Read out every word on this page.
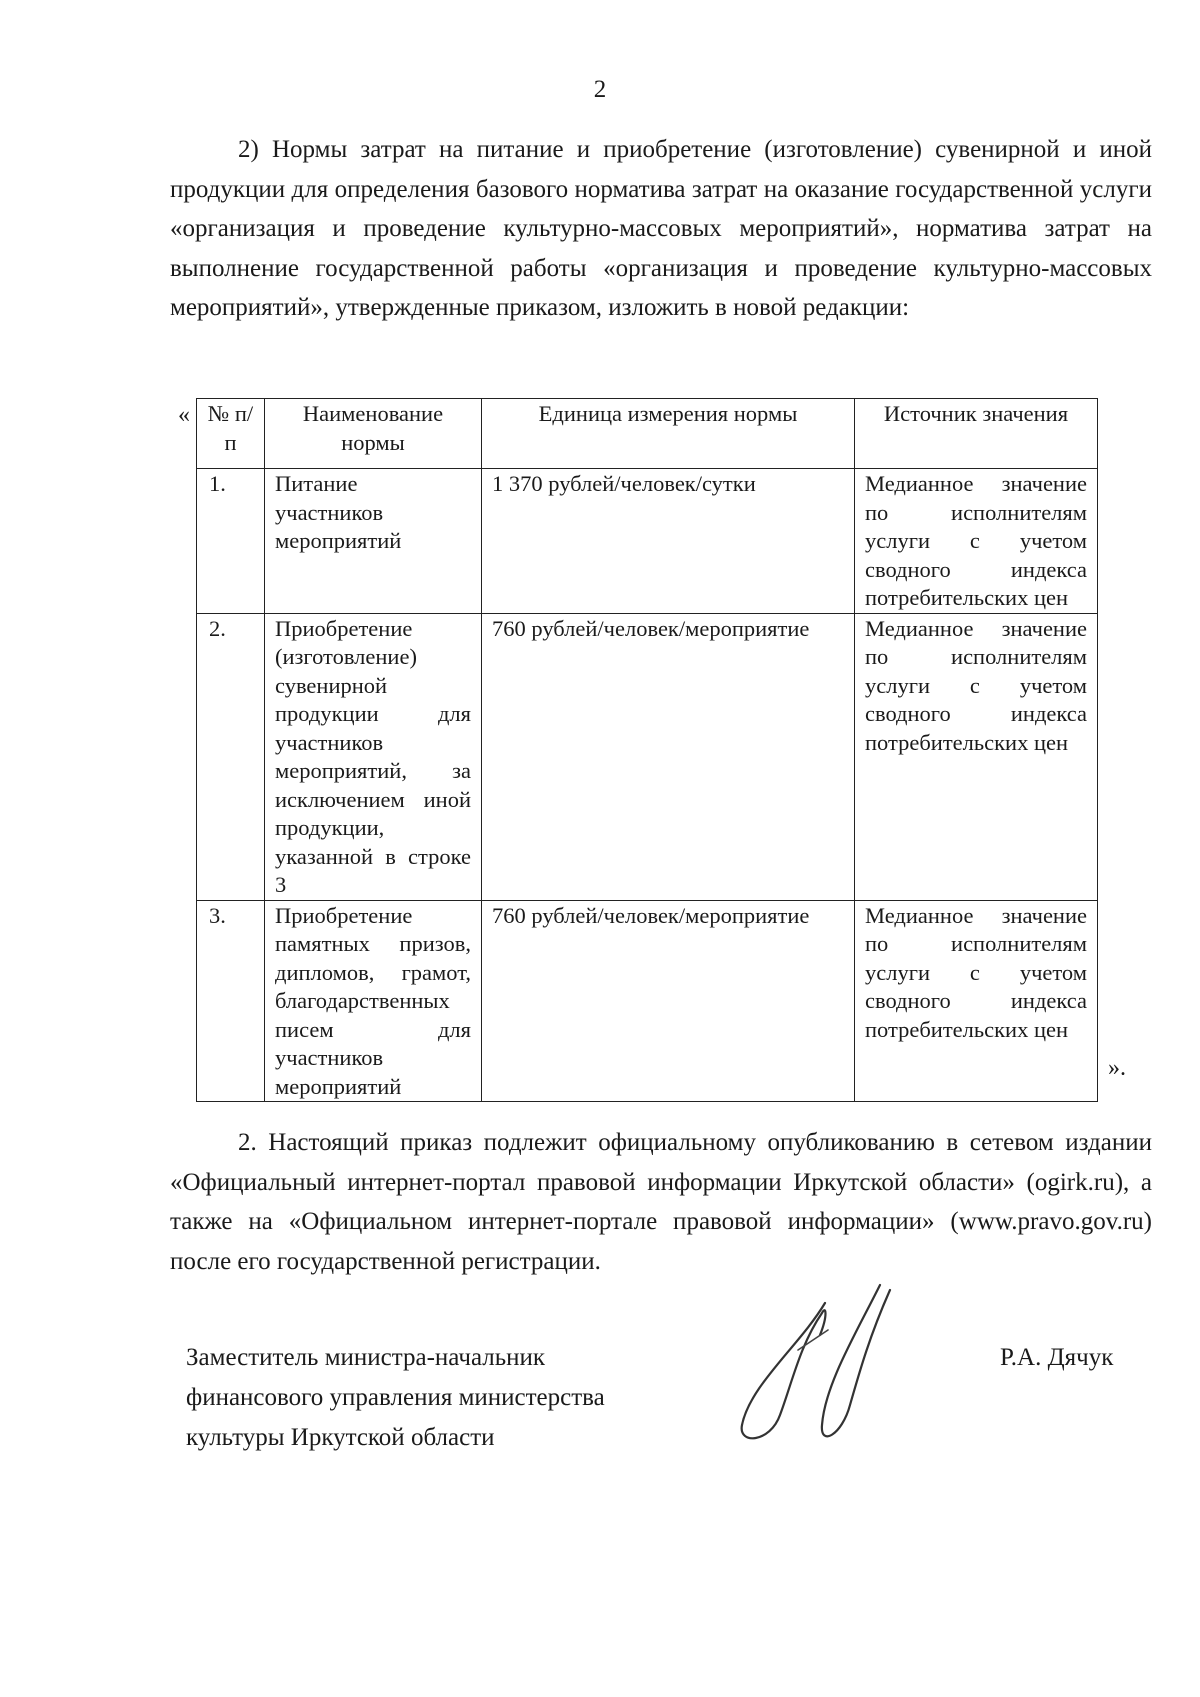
2

2) Нормы затрат на питание и приобретение (изготовление) сувенирной и иной продукции для определения базового норматива затрат на оказание государственной услуги «организация и проведение культурно-массовых мероприятий», норматива затрат на выполнение государственной работы «организация и проведение культурно-массовых мероприятий», утвержденные приказом, изложить в новой редакции:

« № п/п	Наименование нормы	Единица измерения нормы	Источник значения
1.	Питание участников мероприятий	1 370 рублей/человек/сутки	Медианное значение по исполнителям услуги с учетом сводного индекса потребительских цен
2.	Приобретение (изготовление) сувенирной продукции для участников мероприятий, за исключением иной продукции, указанной в строке 3	760 рублей/человек/мероприятие	Медианное значение по исполнителям услуги с учетом сводного индекса потребительских цен
3.	Приобретение памятных призов, дипломов, грамот, благодарственных писем для участников мероприятий	760 рублей/человек/мероприятие	Медианное значение по исполнителям услуги с учетом сводного индекса потребительских цен
».

2. Настоящий приказ подлежит официальному опубликованию в сетевом издании «Официальный интернет-портал правовой информации Иркутской области» (ogirk.ru), а также на «Официальном интернет-портале правовой информации» (www.pravo.gov.ru) после его государственной регистрации.

Заместитель министра-начальник
финансового управления министерства
культуры Иркутской области
Р.А. Дячук
